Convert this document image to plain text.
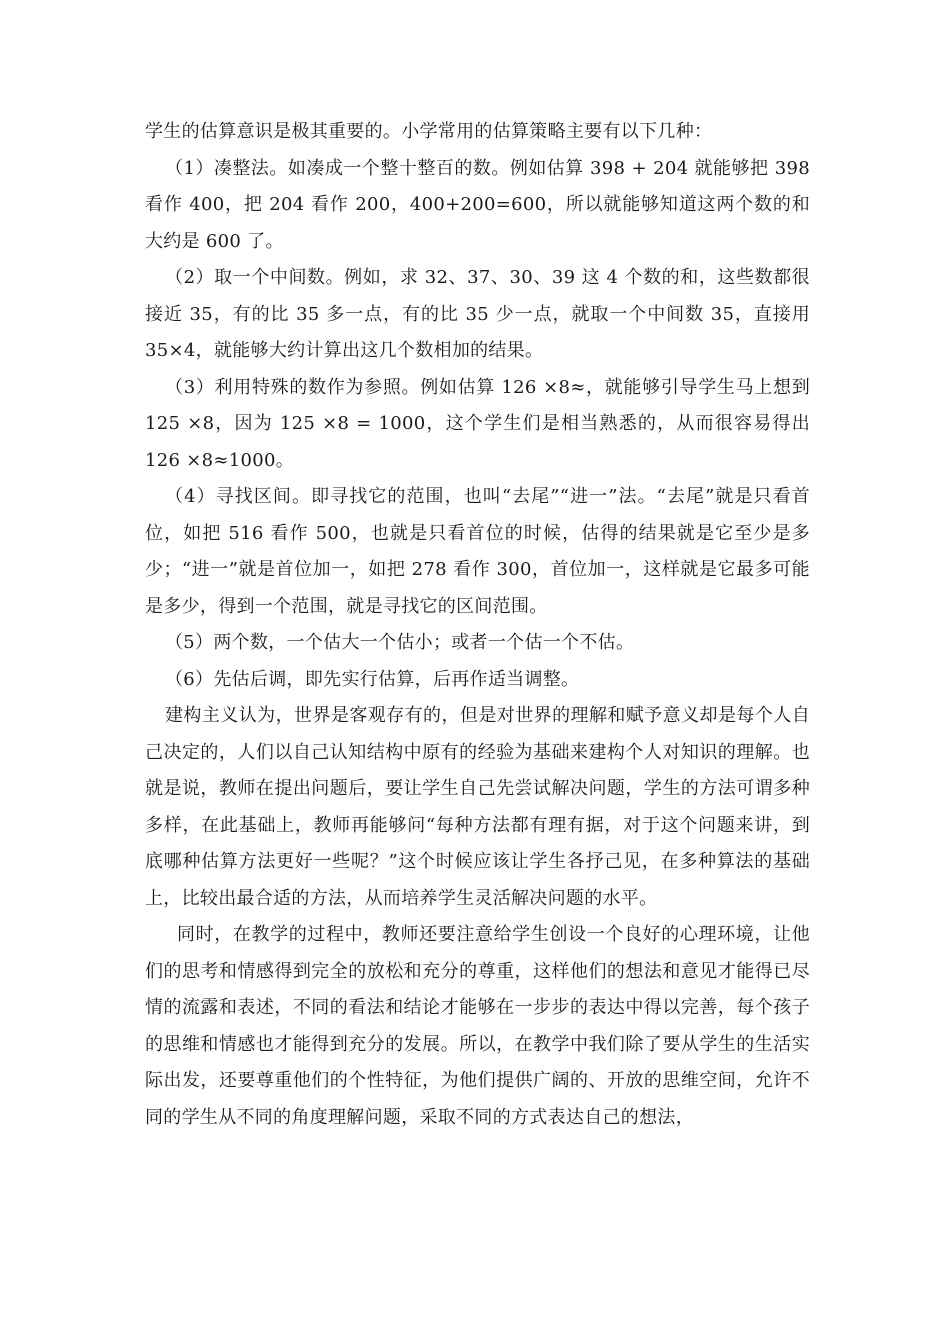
学生的估算意识是极其重要的。小学常用的估算策略主要有以下几种：

（1）凑整法。如凑成一个整十整百的数。例如估算 398 + 204 就能够把 398 看作 400，把 204 看作 200，400+200=600，所以就能够知道这两个数的和大约是 600 了。

（2）取一个中间数。例如，求 32、37、30、39 这 4 个数的和，这些数都很接近 35，有的比 35 多一点，有的比 35 少一点，就取一个中间数 35，直接用 35×4，就能够大约计算出这几个数相加的结果。

（3）利用特殊的数作为参照。例如估算 126 ×8≈，就能够引导学生马上想到 125 ×8，因为 125 ×8 = 1000，这个学生们是相当熟悉的，从而很容易得出 126 ×8≈1000。

（4）寻找区间。即寻找它的范围，也叫“去尾”“进一”法。“去尾”就是只看首位，如把 516 看作 500，也就是只看首位的时候，估得的结果就是它至少是多少；“进一”就是首位加一，如把 278 看作 300，首位加一，这样就是它最多可能是多少，得到一个范围，就是寻找它的区间范围。

（5）两个数，一个估大一个估小；或者一个估一个不估。

（6）先估后调，即先实行估算，后再作适当调整。

建构主义认为，世界是客观存有的，但是对世界的理解和赋予意义却是每个人自己决定的，人们以自己认知结构中原有的经验为基础来建构个人对知识的理解。也就是说，教师在提出问题后，要让学生自己先尝试解决问题，学生的方法可谓多种多样，在此基础上，教师再能够问“每种方法都有理有据，对于这个问题来讲，到底哪种估算方法更好一些呢？”这个时候应该让学生各抒己见，在多种算法的基础上，比较出最合适的方法，从而培养学生灵活解决问题的水平。

同时，在教学的过程中，教师还要注意给学生创设一个良好的心理环境，让他们的思考和情感得到完全的放松和充分的尊重，这样他们的想法和意见才能得已尽情的流露和表述，不同的看法和结论才能够在一步步的表达中得以完善，每个孩子的思维和情感也才能得到充分的发展。所以，在教学中我们除了要从学生的生活实际出发，还要尊重他们的个性特征，为他们提供广阔的、开放的思维空间，允许不同的学生从不同的角度理解问题，采取不同的方式表达自己的想法，
